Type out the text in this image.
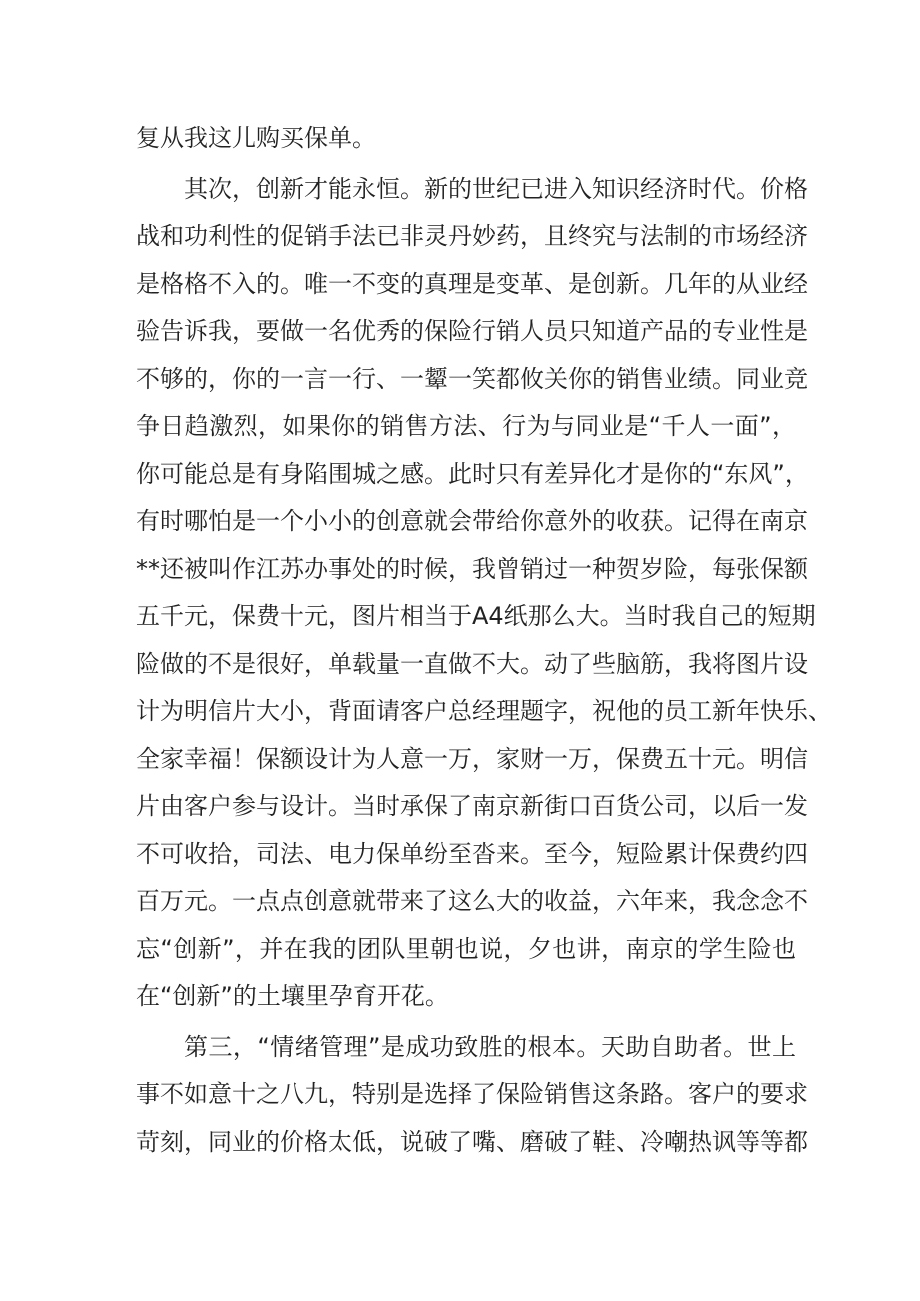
复从我这儿购买保单。
其次，创新才能永恒。新的世纪已进入知识经济时代。价格
战和功利性的促销手法已非灵丹妙药，且终究与法制的市场经济
是格格不入的。唯一不变的真理是变革、是创新。几年的从业经
验告诉我，要做一名优秀的保险行销人员只知道产品的专业性是
不够的，你的一言一行、一颦一笑都攸关你的销售业绩。同业竞
争日趋激烈，如果你的销售方法、行为与同业是“千人一面”，
你可能总是有身陷围城之感。此时只有差异化才是你的“东风”，
有时哪怕是一个小小的创意就会带给你意外的收获。记得在南京
**还被叫作江苏办事处的时候，我曾销过一种贺岁险，每张保额
五千元，保费十元，图片相当于A4纸那么大。当时我自己的短期
险做的不是很好，单载量一直做不大。动了些脑筋，我将图片设
计为明信片大小，背面请客户总经理题字，祝他的员工新年快乐、
全家幸福！保额设计为人意一万，家财一万，保费五十元。明信
片由客户参与设计。当时承保了南京新街口百货公司，以后一发
不可收拾，司法、电力保单纷至沓来。至今，短险累计保费约四
百万元。一点点创意就带来了这么大的收益，六年来，我念念不
忘“创新”，并在我的团队里朝也说，夕也讲，南京的学生险也
在“创新”的土壤里孕育开花。
第三，“情绪管理”是成功致胜的根本。天助自助者。世上
事不如意十之八九，特别是选择了保险销售这条路。客户的要求
苛刻，同业的价格太低，说破了嘴、磨破了鞋、冷嘲热讽等等都
